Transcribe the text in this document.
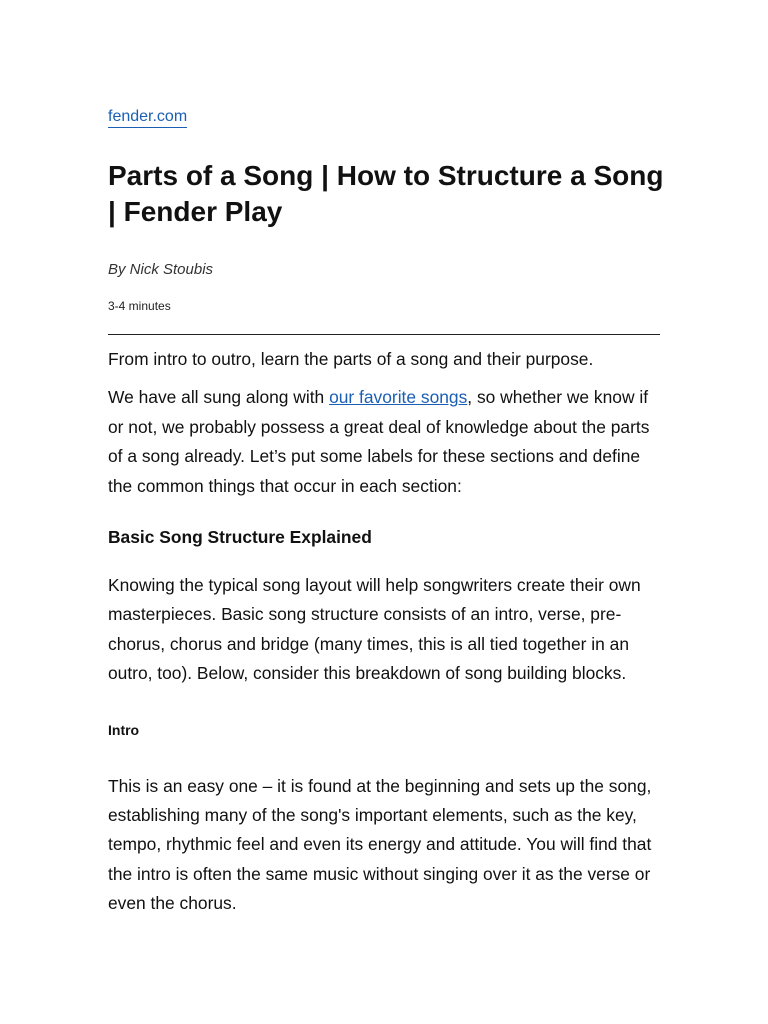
fender.com
Parts of a Song | How to Structure a Song | Fender Play
By Nick Stoubis
3-4 minutes

From intro to outro, learn the parts of a song and their purpose.

We have all sung along with our favorite songs, so whether we know if or not, we probably possess a great deal of knowledge about the parts of a song already. Let’s put some labels for these sections and define the common things that occur in each section:

Basic Song Structure Explained

Knowing the typical song layout will help songwriters create their own masterpieces. Basic song structure consists of an intro, verse, pre-chorus, chorus and bridge (many times, this is all tied together in an outro, too). Below, consider this breakdown of song building blocks.

Intro

This is an easy one – it is found at the beginning and sets up the song, establishing many of the song's important elements, such as the key, tempo, rhythmic feel and even its energy and attitude. You will find that the intro is often the same music without singing over it as the verse or even the chorus.
